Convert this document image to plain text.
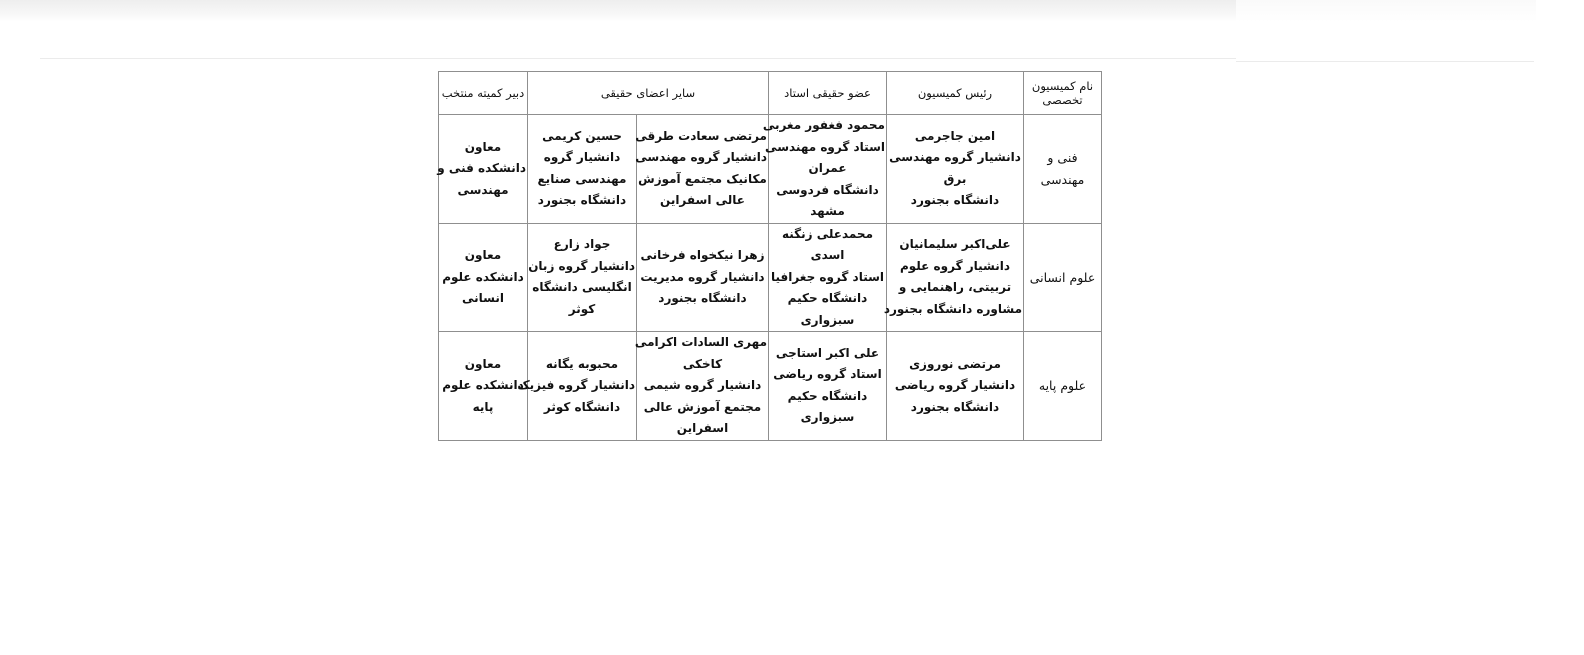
نام کمیسیون تخصصی	رئیس کمیسیون	عضو حقیقی استاد	سایر اعضای حقیقی		دبیر کمیته منتخب

فنی و
مهندسی	امین جاجرمی
دانشیار گروه مهندسی
برق
دانشگاه بجنورد	محمود فغفور مغربی
استاد گروه مهندسی
عمران
دانشگاه فردوسی
مشهد	مرتضی سعادت طرقی
دانشیار گروه مهندسی
مکانیک مجتمع آموزش
عالی اسفراین	حسین کریمی
دانشیار گروه
مهندسی صنایع
دانشگاه بجنورد	معاون
دانشکده فنی و
مهندسی

علوم انسانی	علی‌اکبر سلیمانیان
دانشیار گروه علوم
تربیتی، راهنمایی و
مشاوره دانشگاه بجنورد	محمدعلی زنگنه
اسدی
استاد گروه جغرافیا
دانشگاه حکیم
سبزواری	زهرا نیکخواه فرخانی
دانشیار گروه مدیریت
دانشگاه بجنورد	جواد زارع
دانشیار گروه زبان
انگلیسی دانشگاه
کوثر	معاون
دانشکده علوم
انسانی

علوم پایه	مرتضی نوروزی
دانشیار گروه ریاضی
دانشگاه بجنورد	علی اکبر استاجی
استاد گروه ریاضی
دانشگاه حکیم
سبزواری	مهری السادات اکرامی
کاخکی
دانشیار گروه شیمی
مجتمع آموزش عالی
اسفراین	محبوبه یگانه
دانشیار گروه فیزیک
دانشگاه کوثر	معاون
دانشکده علوم
پایه
